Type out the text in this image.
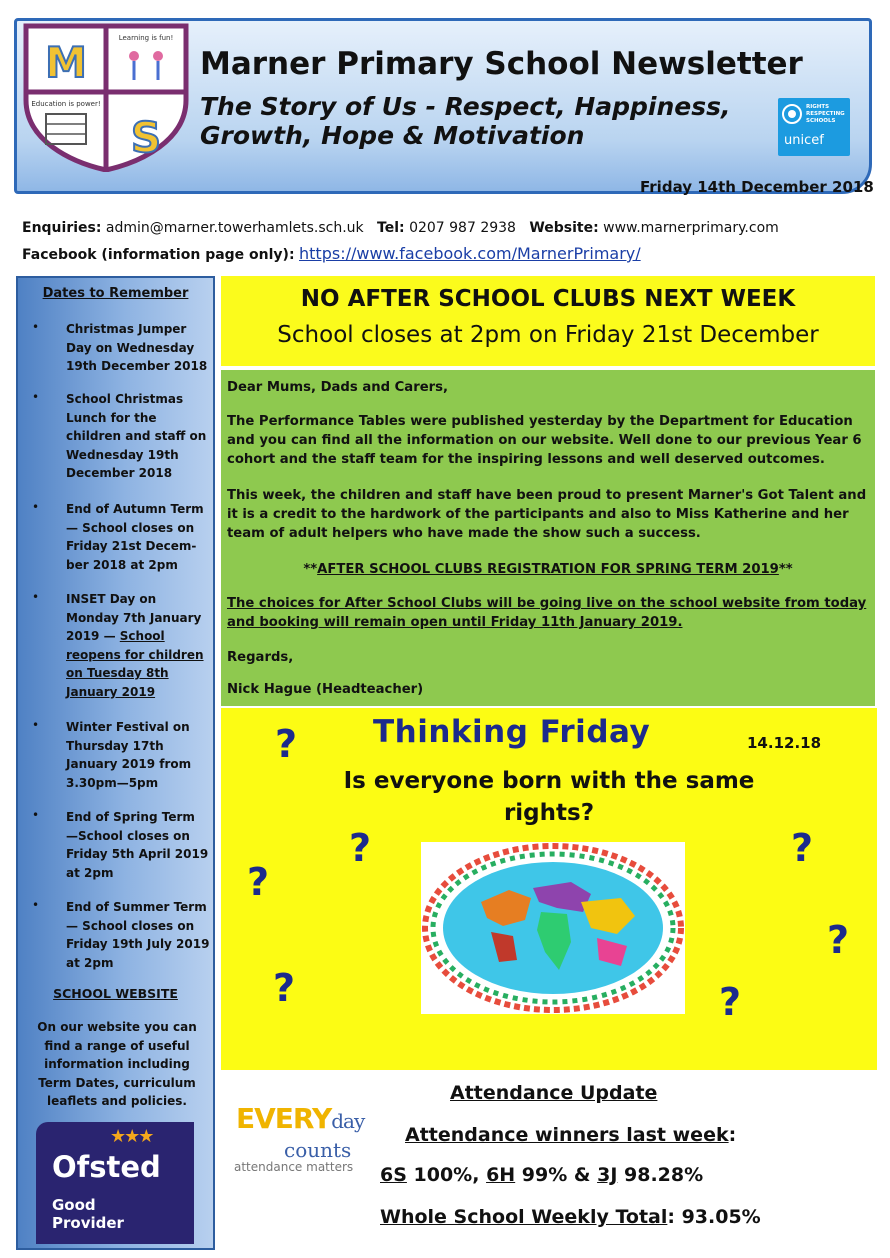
M
S
Learning is fun!
Education is power!
Marner Primary School Newsletter
The Story of Us - Respect, Happiness,
Growth, Hope & Motivation
RIGHTS
RESPECTING
SCHOOLS
unicef
Friday 14th December 2018
Enquiries: admin@marner.towerhamlets.sch.uk Tel: 0207 987 2938 Website: www.marnerprimary.com
Facebook (information page only): https://www.facebook.com/MarnerPrimary/
Dates to Remember
• Christmas Jumper Day on Wednesday 19th December 2018
• School Christmas Lunch for the children and staff on Wednesday 19th December 2018
• End of Autumn Term — School closes on Friday 21st Decem-ber 2018 at 2pm
• INSET Day on Monday 7th January 2019 — School reopens for children on Tuesday 8th January 2019
• Winter Festival on Thursday 17th January 2019 from 3.30pm—5pm
• End of Spring Term —School closes on Friday 5th April 2019 at 2pm
• End of Summer Term — School closes on Friday 19th July 2019 at 2pm
SCHOOL WEBSITE
On our website you can find a range of useful information including Term Dates, curriculum leaflets and policies.
★★★
Ofsted
Good
Provider
NO AFTER SCHOOL CLUBS NEXT WEEK
School closes at 2pm on Friday 21st December

Dear Mums, Dads and Carers,

The Performance Tables were published yesterday by the Department for Education and you can find all the information on our website. Well done to our previous Year 6 cohort and the staff team for the inspiring lessons and well deserved outcomes.

This week, the children and staff have been proud to present Marner's Got Talent and it is a credit to the hardwork of the participants and also to Miss Katherine and her team of adult helpers who have made the show such a success.

**AFTER SCHOOL CLUBS REGISTRATION FOR SPRING TERM 2019**

The choices for After School Clubs will be going live on the school website from today and booking will remain open until Friday 11th January 2019.

Regards,

Nick Hague (Headteacher)

Thinking Friday	14.12.18
Is everyone born with the same
rights?
?
?
?
?
?
?
?
EVERYday
counts
attendance matters
Attendance Update
Attendance winners last week:
6S 100%, 6H 99% & 3J 98.28%
Whole School Weekly Total: 93.05%
